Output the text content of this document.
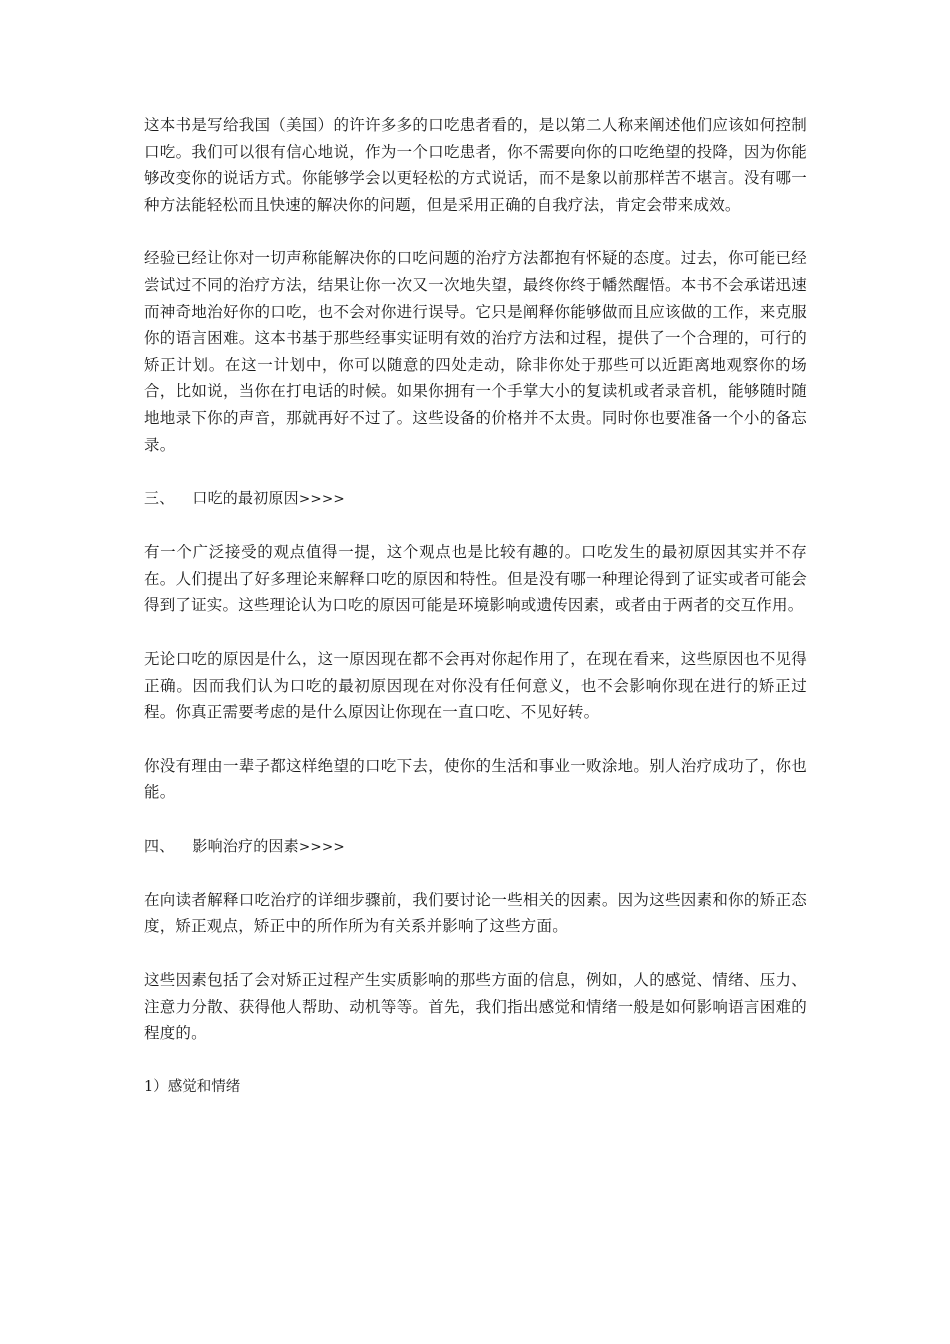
这本书是写给我国（美国）的许许多多的口吃患者看的，是以第二人称来阐述他们应该如何控制口吃。我们可以很有信心地说，作为一个口吃患者，你不需要向你的口吃绝望的投降，因为你能够改变你的说话方式。你能够学会以更轻松的方式说话，而不是象以前那样苦不堪言。没有哪一种方法能轻松而且快速的解决你的问题，但是采用正确的自我疗法，肯定会带来成效。

经验已经让你对一切声称能解决你的口吃问题的治疗方法都抱有怀疑的态度。过去，你可能已经尝试过不同的治疗方法，结果让你一次又一次地失望，最终你终于幡然醒悟。本书不会承诺迅速而神奇地治好你的口吃，也不会对你进行误导。它只是阐释你能够做而且应该做的工作，来克服你的语言困难。这本书基于那些经事实证明有效的治疗方法和过程，提供了一个合理的，可行的矫正计划。在这一计划中，你可以随意的四处走动，除非你处于那些可以近距离地观察你的场合，比如说，当你在打电话的时候。如果你拥有一个手掌大小的复读机或者录音机，能够随时随地地录下你的声音，那就再好不过了。这些设备的价格并不太贵。同时你也要准备一个小的备忘录。

三、 口吃的最初原因>>>>

有一个广泛接受的观点值得一提，这个观点也是比较有趣的。口吃发生的最初原因其实并不存在。人们提出了好多理论来解释口吃的原因和特性。但是没有哪一种理论得到了证实或者可能会得到了证实。这些理论认为口吃的原因可能是环境影响或遗传因素，或者由于两者的交互作用。

无论口吃的原因是什么，这一原因现在都不会再对你起作用了，在现在看来，这些原因也不见得正确。因而我们认为口吃的最初原因现在对你没有任何意义，也不会影响你现在进行的矫正过程。你真正需要考虑的是什么原因让你现在一直口吃、不见好转。

你没有理由一辈子都这样绝望的口吃下去，使你的生活和事业一败涂地。别人治疗成功了，你也能。

四、 影响治疗的因素>>>>

在向读者解释口吃治疗的详细步骤前，我们要讨论一些相关的因素。因为这些因素和你的矫正态度，矫正观点，矫正中的所作所为有关系并影响了这些方面。

这些因素包括了会对矫正过程产生实质影响的那些方面的信息，例如，人的感觉、情绪、压力、注意力分散、获得他人帮助、动机等等。首先，我们指出感觉和情绪一般是如何影响语言困难的程度的。

1）感觉和情绪
